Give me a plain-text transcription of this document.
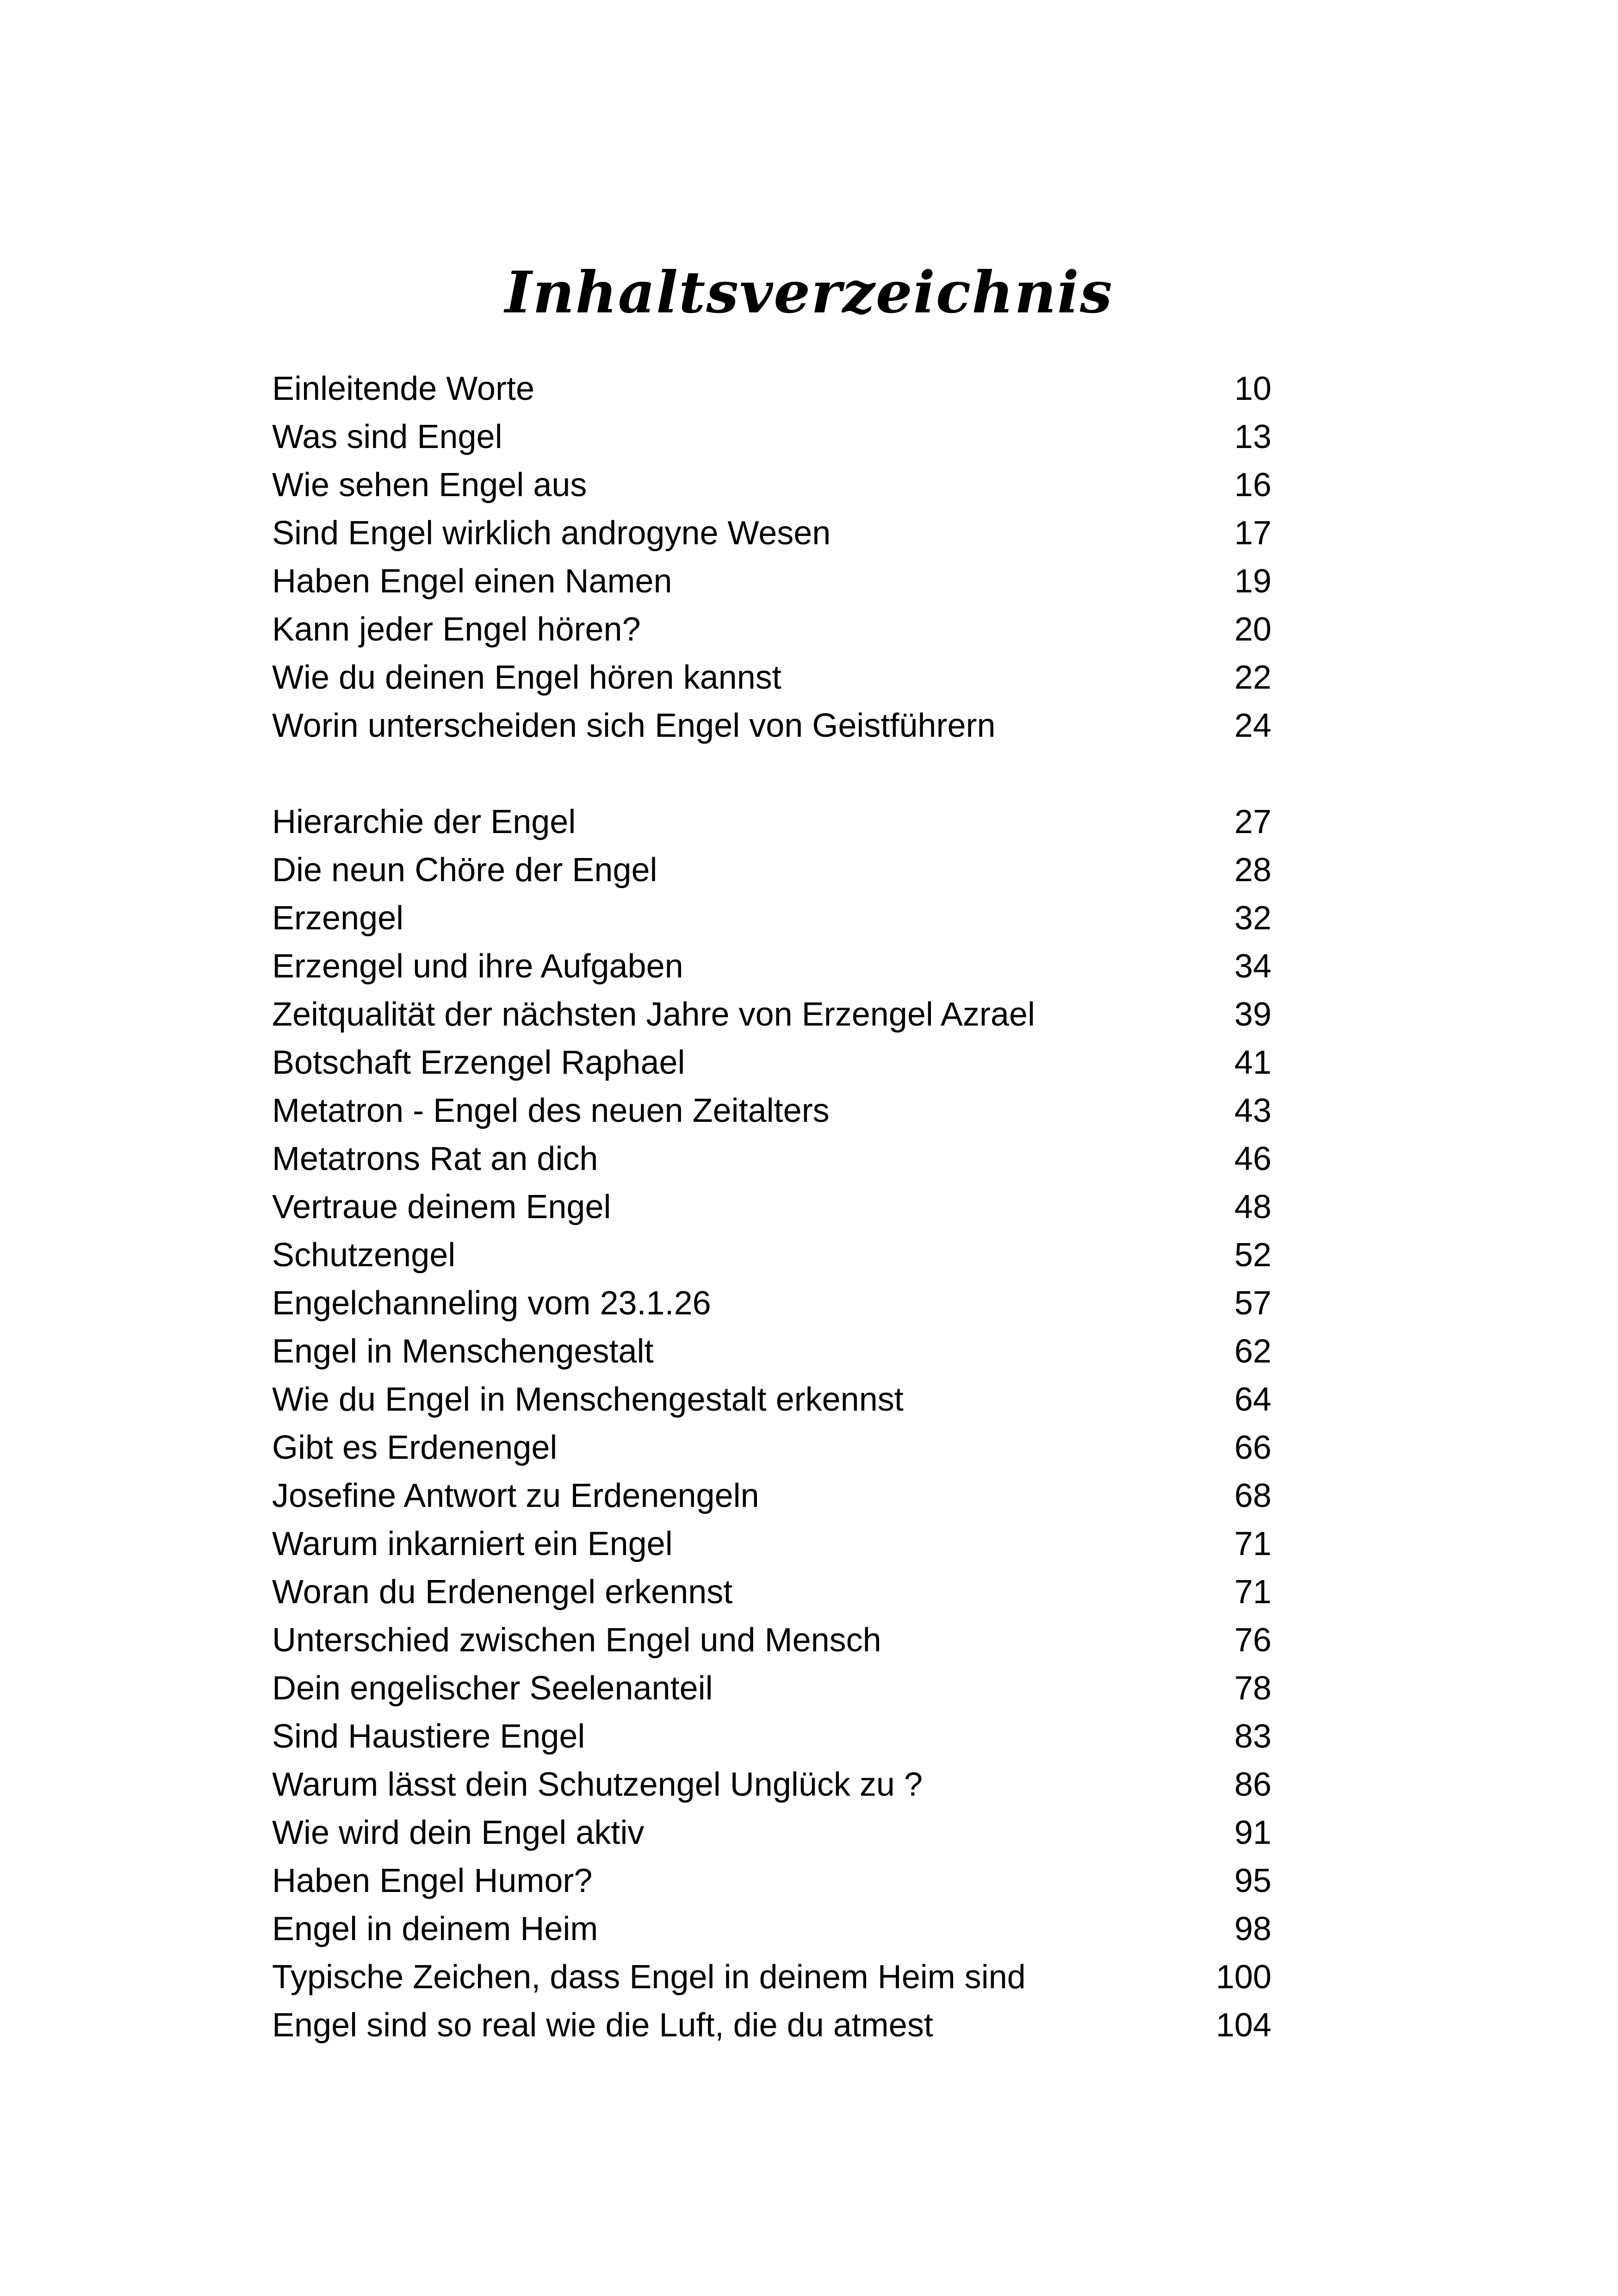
Inhaltsverzeichnis
Einleitende Worte	10
Was sind Engel	13
Wie sehen Engel aus	16
Sind Engel wirklich androgyne Wesen	17
Haben Engel einen Namen	19
Kann jeder Engel hören?	20
Wie du deinen Engel hören kannst	22
Worin unterscheiden sich Engel von Geistführern	24
Hierarchie der Engel	27
Die neun Chöre der Engel	28
Erzengel	32
Erzengel und ihre Aufgaben	34
Zeitqualität der nächsten Jahre von Erzengel Azrael	39
Botschaft Erzengel Raphael	41
Metatron - Engel des neuen Zeitalters	43
Metatrons Rat an dich	46
Vertraue deinem Engel	48
Schutzengel	52
Engelchanneling vom 23.1.26	57
Engel in Menschengestalt	62
Wie du Engel in Menschengestalt erkennst	64
Gibt es Erdenengel	66
Josefine Antwort zu Erdenengeln	68
Warum inkarniert ein Engel	71
Woran du Erdenengel erkennst	71
Unterschied zwischen Engel und Mensch	76
Dein engelischer Seelenanteil	78
Sind Haustiere Engel	83
Warum lässt dein Schutzengel Unglück zu ?	86
Wie wird dein Engel aktiv	91
Haben Engel Humor?	95
Engel in deinem Heim	98
Typische Zeichen, dass Engel in deinem Heim sind	100
Engel sind so real wie die Luft, die du atmest	104
